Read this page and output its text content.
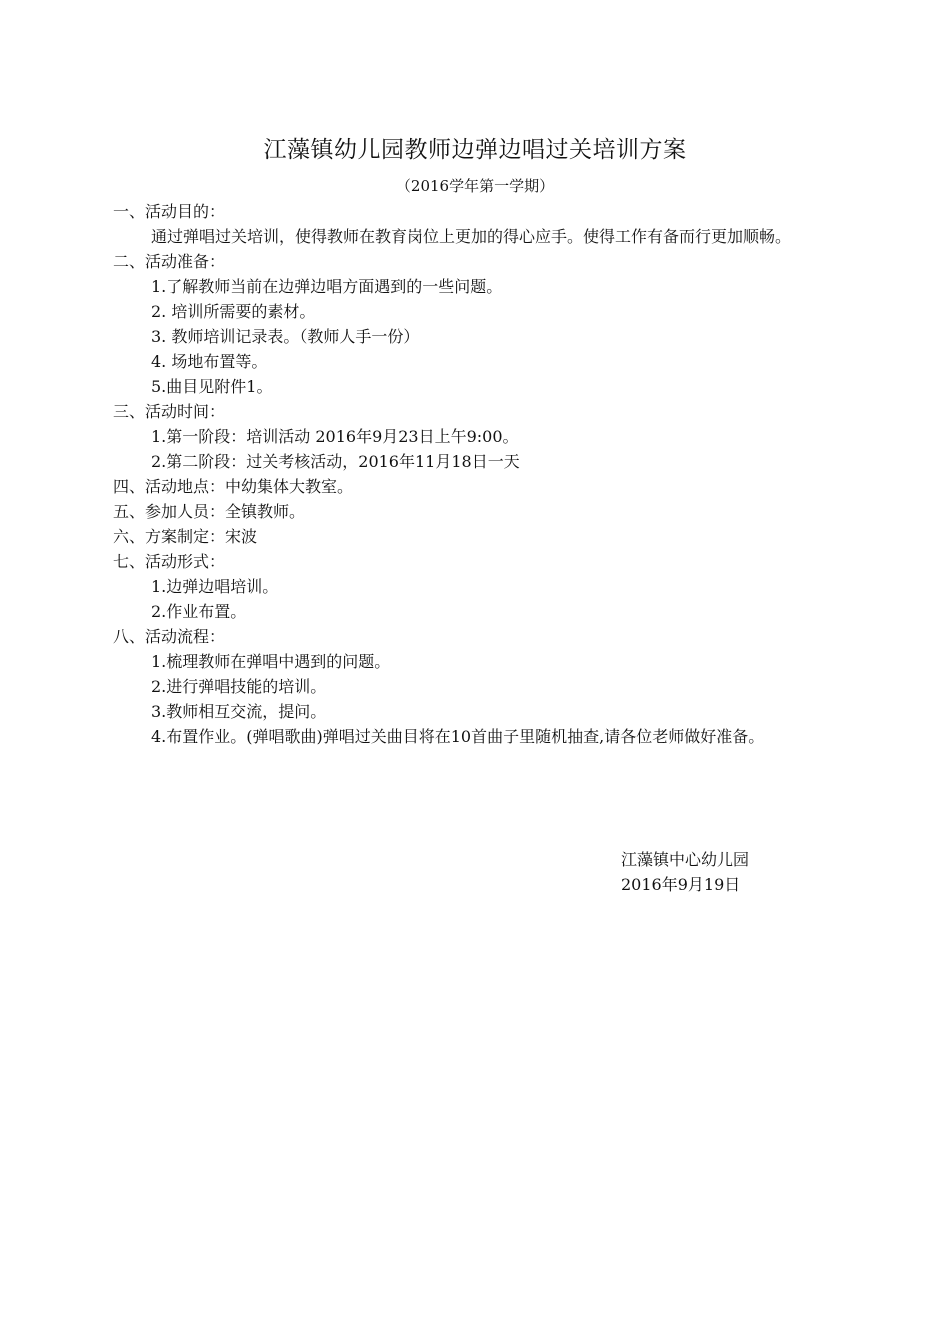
江藻镇幼儿园教师边弹边唱过关培训方案
（2016学年第一学期）
一、活动目的：

通过弹唱过关培训，使得教师在教育岗位上更加的得心应手。使得工作有备而行更加顺畅。

二、活动准备：
1.了解教师当前在边弹边唱方面遇到的一些问题。
2. 培训所需要的素材。
3. 教师培训记录表。（教师人手一份）
4. 场地布置等。
5.曲目见附件1。
三、活动时间：
1.第一阶段：培训活动 2016年9月23日上午9:00。
2.第二阶段：过关考核活动，2016年11月18日一天
四、活动地点：中幼集体大教室。
五、参加人员：全镇教师。
六、方案制定：宋波
七、活动形式：
1.边弹边唱培训。
2.作业布置。
八、活动流程：
1.梳理教师在弹唱中遇到的问题。
2.进行弹唱技能的培训。
3.教师相互交流，提问。

4.布置作业。(弹唱歌曲)弹唱过关曲目将在10首曲子里随机抽查,请各位老师做好准备。

江藻镇中心幼儿园
2016年9月19日
